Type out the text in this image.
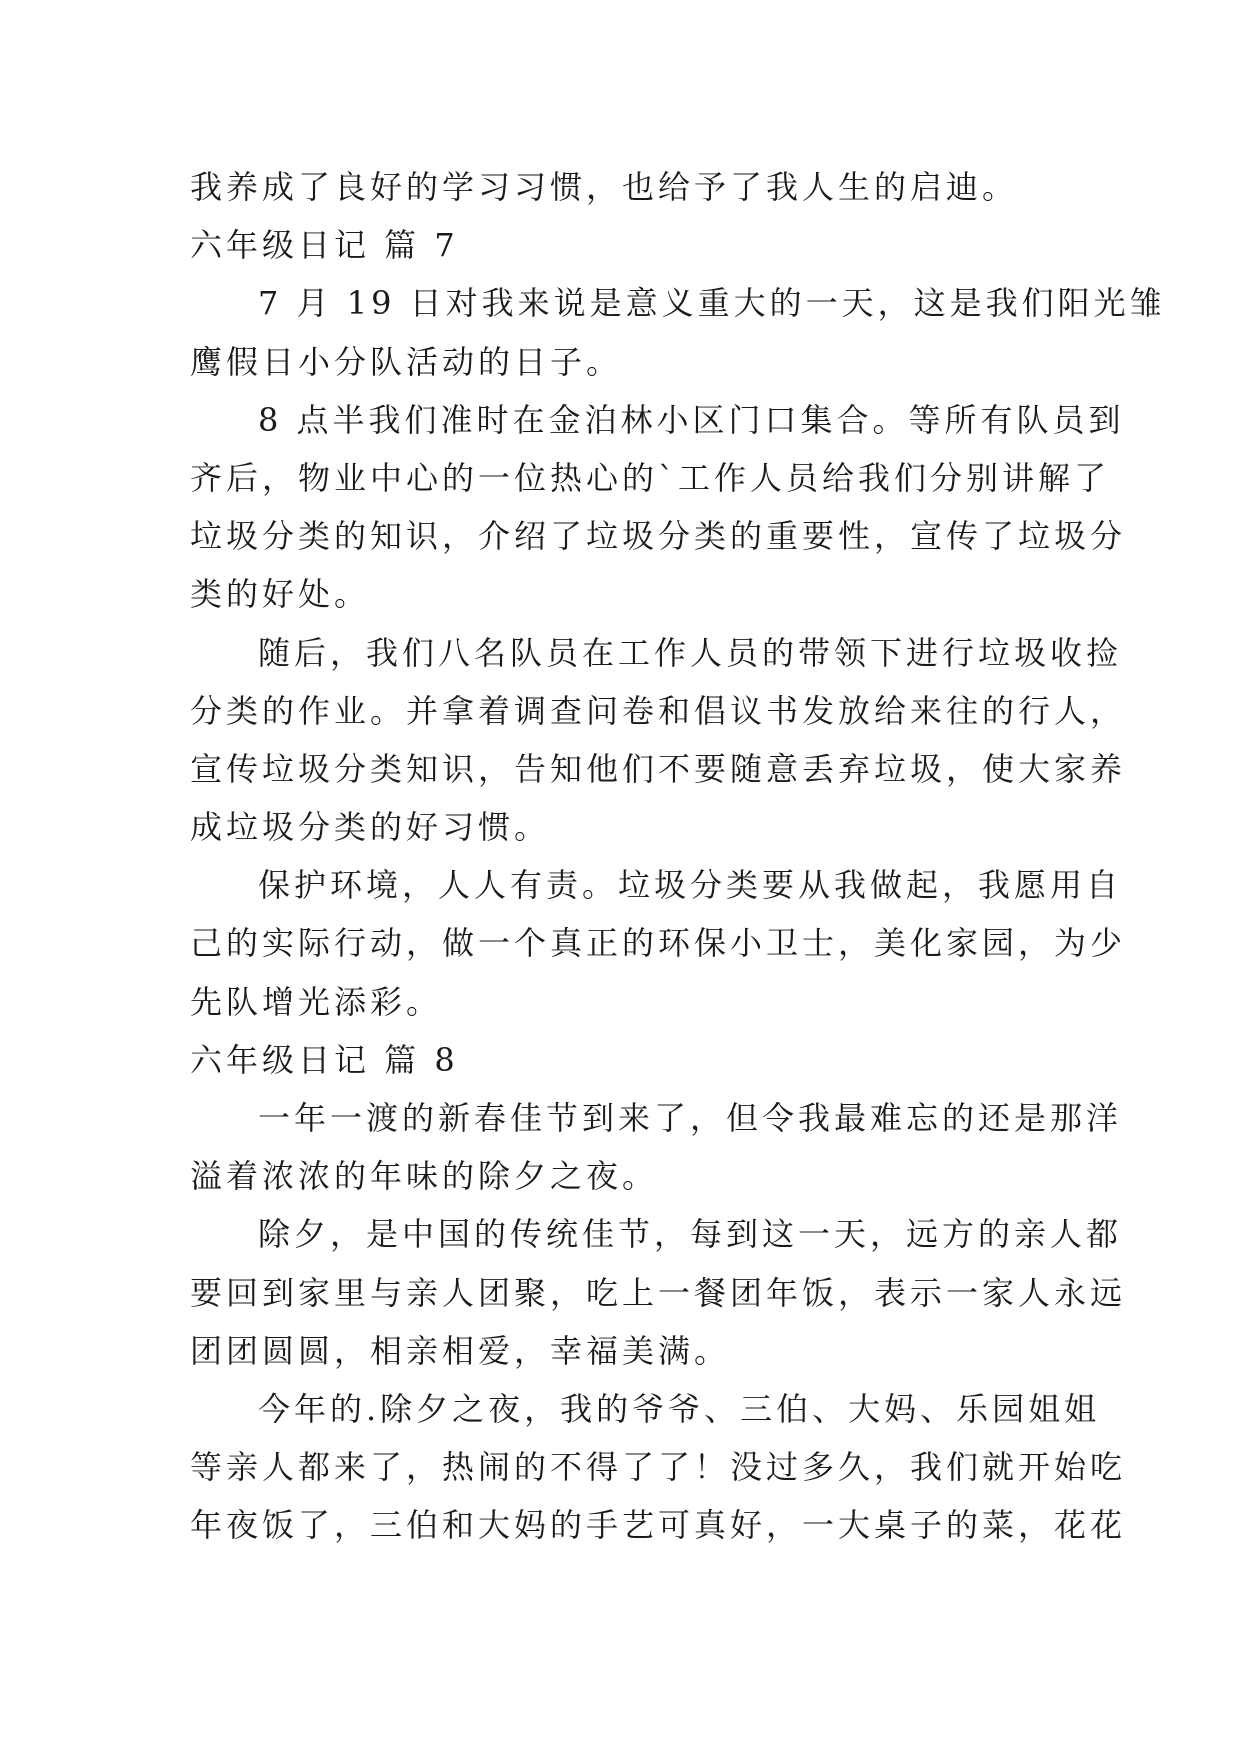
我养成了良好的学习习惯，也给予了我人生的启迪。
六年级日记 篇 7
7 月 19 日对我来说是意义重大的一天，这是我们阳光雏
鹰假日小分队活动的日子。
8 点半我们准时在金泊林小区门口集合。等所有队员到
齐后，物业中心的一位热心的`工作人员给我们分别讲解了
垃圾分类的知识，介绍了垃圾分类的重要性，宣传了垃圾分
类的好处。
随后，我们八名队员在工作人员的带领下进行垃圾收捡
分类的作业。并拿着调查问卷和倡议书发放给来往的行人，
宣传垃圾分类知识，告知他们不要随意丢弃垃圾，使大家养
成垃圾分类的好习惯。
保护环境，人人有责。垃圾分类要从我做起，我愿用自
己的实际行动，做一个真正的环保小卫士，美化家园，为少
先队增光添彩。
六年级日记 篇 8
一年一渡的新春佳节到来了，但令我最难忘的还是那洋
溢着浓浓的年味的除夕之夜。
除夕，是中国的传统佳节，每到这一天，远方的亲人都
要回到家里与亲人团聚，吃上一餐团年饭，表示一家人永远
团团圆圆，相亲相爱，幸福美满。
今年的.除夕之夜，我的爷爷、三伯、大妈、乐园姐姐
等亲人都来了，热闹的不得了了！没过多久，我们就开始吃
年夜饭了，三伯和大妈的手艺可真好，一大桌子的菜，花花
